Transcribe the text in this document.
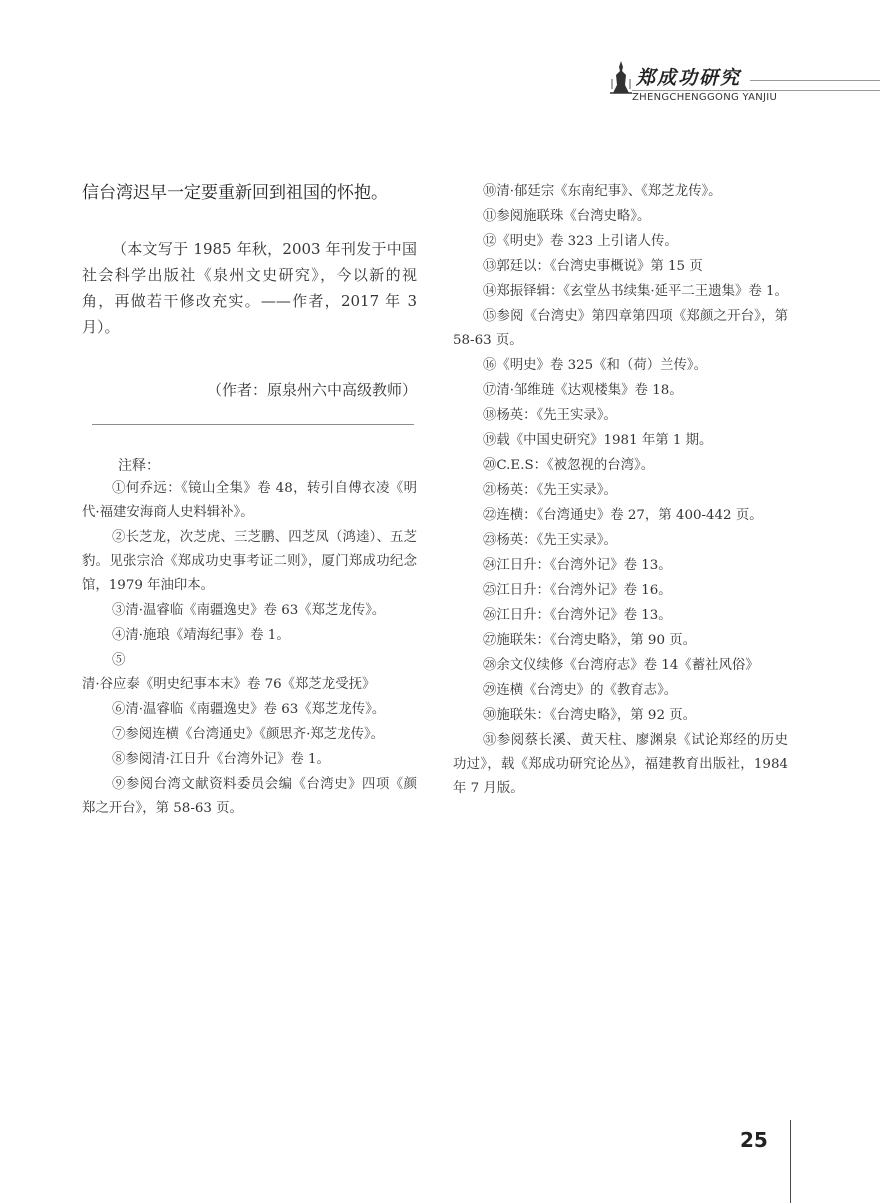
郑成功研究
ZHENGCHENGGONG YANJIU

信台湾迟早一定要重新回到祖国的怀抱。

（本文写于 1985 年秋，2003 年刊发于中国社会科学出版社《泉州文史研究》，今以新的视角，再做若干修改充实。——作者，2017 年 3 月）。

（作者：原泉州六中高级教师）

注释：
①何乔远：《镜山全集》卷 48，转引自傅衣凌《明代·福建安海商人史料辑补》。
②长芝龙，次芝虎、三芝鹏、四芝凤（鸿逵）、五芝豹。见张宗洽《郑成功史事考证二则》，厦门郑成功纪念馆，1979 年油印本。
③清·温睿临《南疆逸史》卷 63《郑芝龙传》。
④清·施琅《靖海纪事》卷 1。
⑤清·谷应泰《明史纪事本末》卷 76《郑芝龙受抚》
⑥清·温睿临《南疆逸史》卷 63《郑芝龙传》。
⑦参阅连横《台湾通史》《颜思齐·郑芝龙传》。
⑧参阅清·江日升《台湾外记》卷 1。
⑨参阅台湾文献资料委员会编《台湾史》四项《颜郑之开台》，第 58-63 页。
⑩清·郁廷宗《东南纪事》、《郑芝龙传》。
⑪参阅施联珠《台湾史略》。
⑫《明史》卷 323 上引诸人传。
⑬郭廷以：《台湾史事概说》第 15 页
⑭郑振铎辑：《玄堂丛书续集·延平二王遗集》卷 1。
⑮参阅《台湾史》第四章第四项《郑颜之开台》，第 58-63 页。
⑯《明史》卷 325《和（荷）兰传》。
⑰清·邹维琏《达观楼集》卷 18。
⑱杨英：《先王实录》。
⑲载《中国史研究》1981 年第 1 期。
⑳C.E.S：《被忽视的台湾》。
㉑杨英：《先王实录》。
㉒连横：《台湾通史》卷 27，第 400-442 页。
㉓杨英：《先王实录》。
㉔江日升：《台湾外记》卷 13。
㉕江日升：《台湾外记》卷 16。
㉖江日升：《台湾外记》卷 13。
㉗施联朱：《台湾史略》，第 90 页。
㉘余文仪续修《台湾府志》卷 14《蓄社风俗》
㉙连横《台湾史》的《教育志》。
㉚施联朱：《台湾史略》，第 92 页。
㉛参阅蔡长溪、黄天柱、廖渊泉《试论郑经的历史功过》，载《郑成功研究论丛》，福建教育出版社，1984 年 7 月版。
25
